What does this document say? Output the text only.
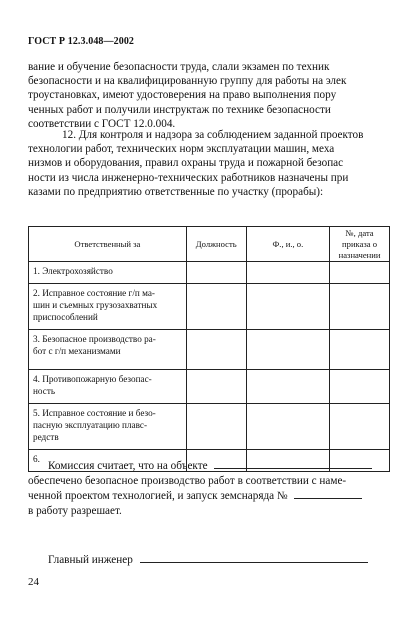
ГОСТ Р 12.3.048—2002
вание и обучение безопасности труда, слали экзамен по техник
безопасности и на квалифицированную группу для работы на элек
троустановках, имеют удостоверения на право выполнения пору
ченных работ и получили инструктаж по технике безопасности
соответствии с ГОСТ 12.0.004.
12. Для контроля и надзора за соблюдением заданной проектов
технологии работ, технических норм эксплуатации машин, меха
низмов и оборудования, правил охраны труда и пожарной безопас
ности из числа инженерно-технических работников назначены при
казами по предприятию ответственные по участку (прорабы):
Ответственный за	Должность	Ф., и., о.	№, дата
приказа о
назначении

1. Электрохозяйство			

2. Исправное состояние г/п ма-
шин и съемных грузозахватных
приспособлений			

3. Безопасное производство ра-
бот с г/п механизмами			

4. Противопожарную безопас-
ность			

5. Исправное состояние и безо-
пасную эксплуатацию плавс-
редств			

6.			

Комиссия считает, что на объекте
обеспечено безопасное производство работ в соответствии с наме-
ченной проектом технологией, и запуск земснаряда №
в работу разрешает.
Главный инженер
24
